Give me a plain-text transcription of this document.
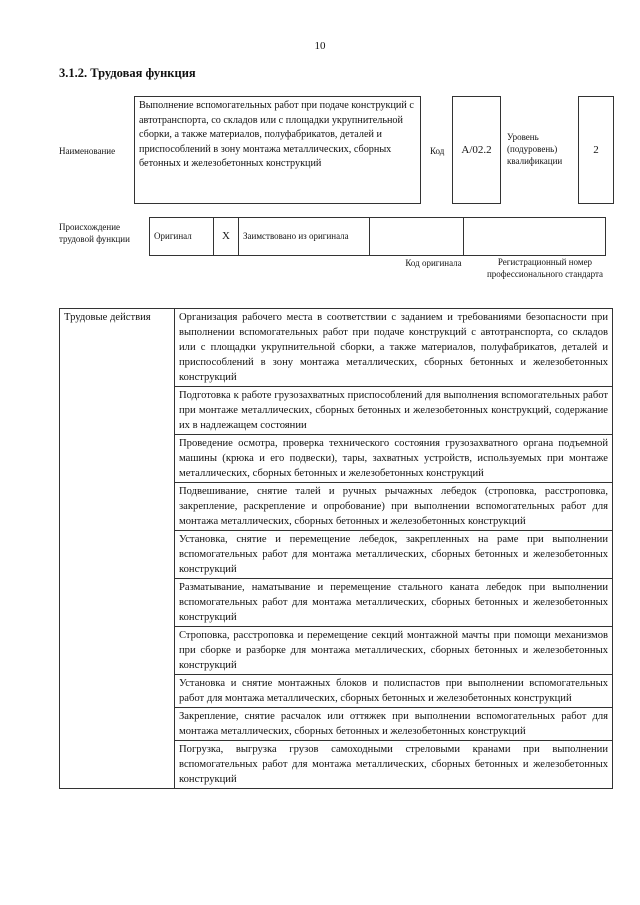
10
3.1.2. Трудовая функция
Наименование
Выполнение вспомогательных работ при подаче конструкций с автотранспорта, со складов или с площадки укрупнительной сборки, а также материалов, полуфабрикатов, деталей и приспособлений в зону монтажа металлических, сборных бетонных и железобетонных конструкций
Код	А/02.2
Уровень (подуровень) квалификации
2
Происхождение трудовой функции	Оригинал	X	Заимствовано из оригинала		
Код оригинала	Регистрационный номер профессионального стандарта
Трудовые действия	Организация рабочего места в соответствии с заданием и требованиями безопасности при выполнении вспомогательных работ при подаче конструкций с автотранспорта, со складов или с площадки укрупнительной сборки, а также материалов, полуфабрикатов, деталей и приспособлений в зону монтажа металлических, сборных бетонных и железобетонных конструкций
Подготовка к работе грузозахватных приспособлений для выполнения вспомогательных работ при монтаже металлических, сборных бетонных и железобетонных конструкций, содержание их в надлежащем состоянии
Проведение осмотра, проверка технического состояния грузозахватного органа подъемной машины (крюка и его подвески), тары, захватных устройств, используемых при монтаже металлических, сборных бетонных и железобетонных конструкций
Подвешивание, снятие талей и ручных рычажных лебедок (строповка, расстроповка, закрепление, раскрепление и опробование) при выполнении вспомогательных работ для монтажа металлических, сборных бетонных и железобетонных конструкций
Установка, снятие и перемещение лебедок, закрепленных на раме при выполнении вспомогательных работ для монтажа металлических, сборных бетонных и железобетонных конструкций
Разматывание, наматывание и перемещение стального каната лебедок при выполнении вспомогательных работ для монтажа металлических, сборных бетонных и железобетонных конструкций
Строповка, расстроповка и перемещение секций монтажной мачты при помощи механизмов при сборке и разборке для монтажа металлических, сборных бетонных и железобетонных конструкций
Установка и снятие монтажных блоков и полиспастов при выполнении вспомогательных работ для монтажа металлических, сборных бетонных и железобетонных конструкций
Закрепление, снятие расчалок или оттяжек при выполнении вспомогательных работ для монтажа металлических, сборных бетонных и железобетонных конструкций
Погрузка, выгрузка грузов самоходными стреловыми кранами при выполнении вспомогательных работ для монтажа металлических, сборных бетонных и железобетонных конструкций
